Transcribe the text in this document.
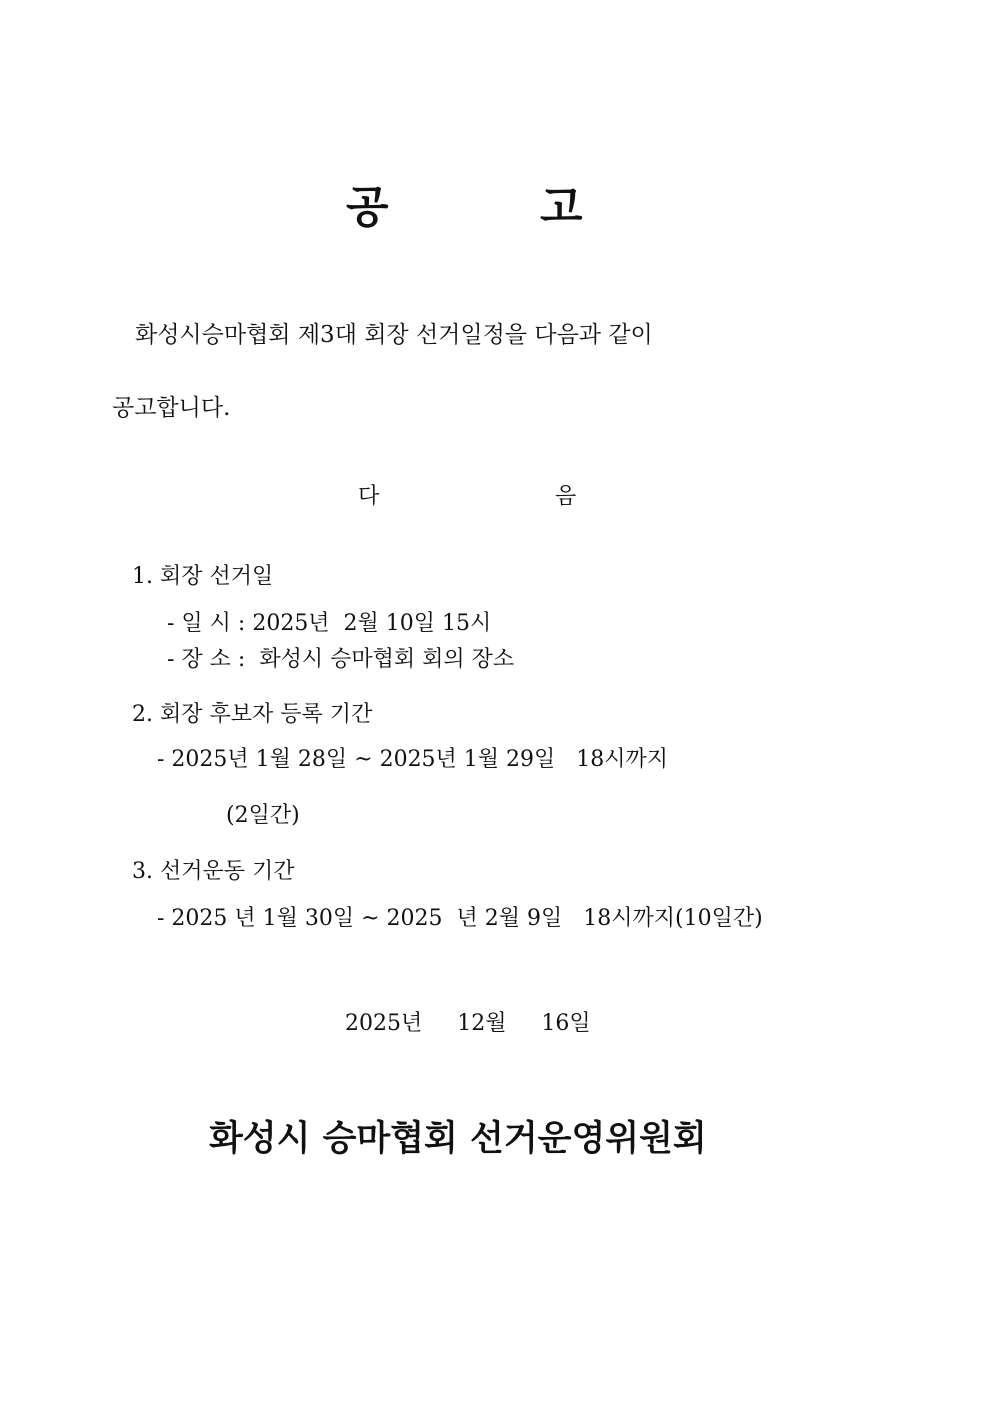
공	고
화성시승마협회 제3대 회장 선거일정을 다음과 같이
공고합니다.
다	음
1. 회장 선거일
- 일 시 : 2025년  2월 10일 15시
- 장 소 :  화성시 승마협회 회의 장소
2. 회장 후보자 등록 기간
- 2025년 1월 28일 ~ 2025년 1월 29일   18시까지
(2일간)
3. 선거운동 기간
- 2025 년 1월 30일 ~ 2025  년 2월 9일   18시까지(10일간)
2025년     12월     16일
화성시 승마협회 선거운영위원회
